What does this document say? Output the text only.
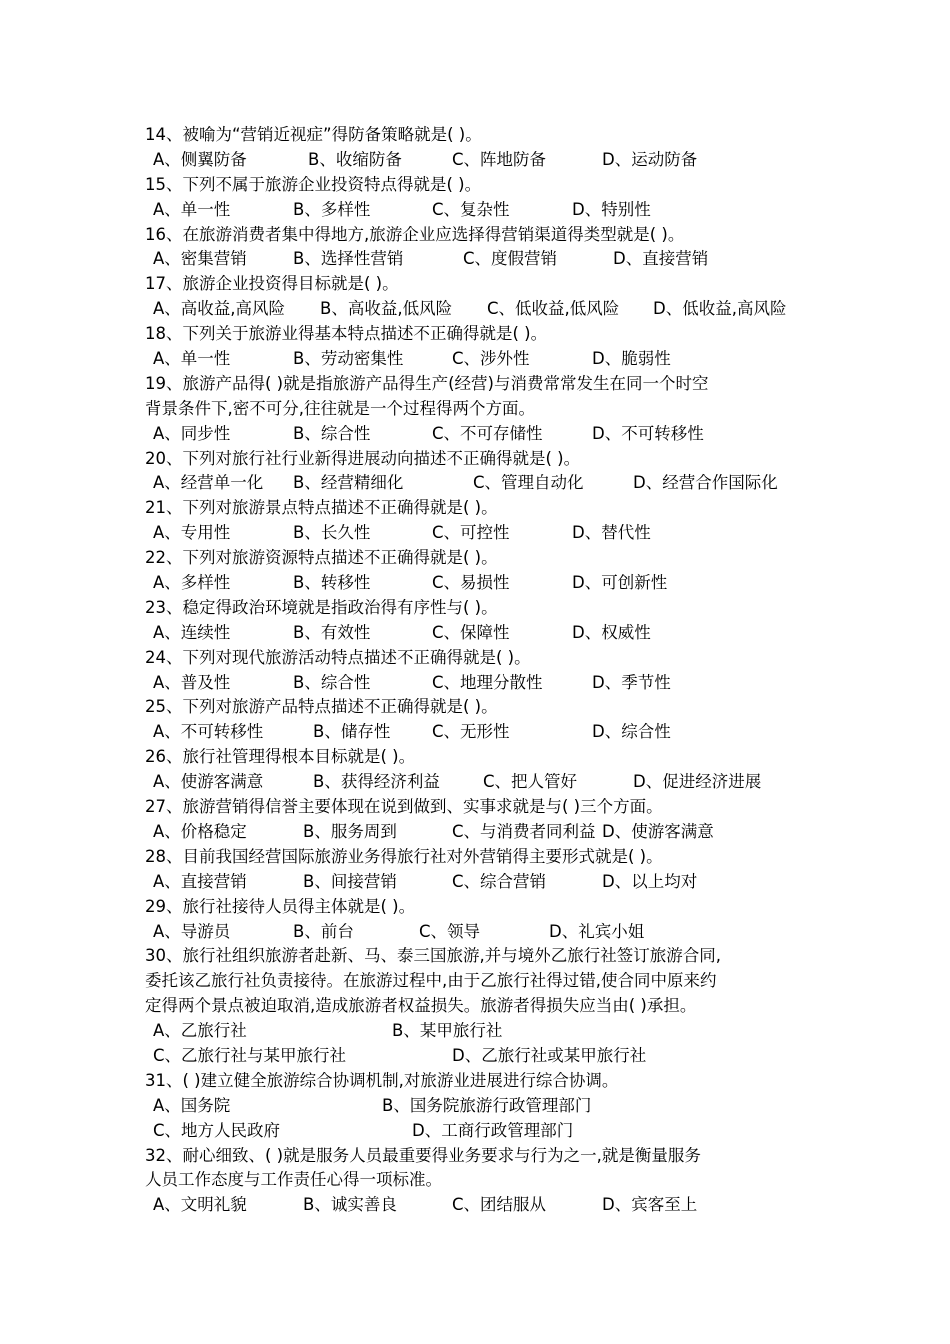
14、被喻为“营销近视症”得防备策略就是( )。
A、侧翼防备	B、收缩防备	C、阵地防备	D、运动防备
15、下列不属于旅游企业投资特点得就是( )。
A、单一性	B、多样性	C、复杂性	D、特别性
16、在旅游消费者集中得地方,旅游企业应选择得营销渠道得类型就是( )。
A、密集营销	B、选择性营销	C、度假营销	D、直接营销
17、旅游企业投资得目标就是( )。
A、高收益,高风险 B、高收益,低风险 C、低收益,低风险 D、低收益,高风险
18、下列关于旅游业得基本特点描述不正确得就是( )。
A、单一性	B、劳动密集性	C、涉外性	D、脆弱性
19、旅游产品得( )就是指旅游产品得生产(经营)与消费常常发生在同一个时空
背景条件下,密不可分,往往就是一个过程得两个方面。
A、同步性	B、综合性	C、不可存储性	D、不可转移性
20、下列对旅行社行业新得进展动向描述不正确得就是( )。
A、经营单一化 B、经营精细化	C、管理自动化	D、经营合作国际化
21、下列对旅游景点特点描述不正确得就是( )。
A、专用性	B、长久性	C、可控性	D、替代性
22、下列对旅游资源特点描述不正确得就是( )。
A、多样性	B、转移性	C、易损性	D、可创新性
23、稳定得政治环境就是指政治得有序性与( )。
A、连续性	B、有效性	C、保障性	D、权威性
24、下列对现代旅游活动特点描述不正确得就是( )。
A、普及性	B、综合性	C、地理分散性	D、季节性
25、下列对旅游产品特点描述不正确得就是( )。
A、不可转移性	B、储存性	C、无形性	D、综合性
26、旅行社管理得根本目标就是( )。
A、使游客满意	B、获得经济利益	C、把人管好	D、促进经济进展
27、旅游营销得信誉主要体现在说到做到、实事求就是与( )三个方面。
A、价格稳定	B、服务周到	C、与消费者同利益 D、使游客满意
28、目前我国经营国际旅游业务得旅行社对外营销得主要形式就是( )。
A、直接营销	B、间接营销	C、综合营销	D、以上均对
29、旅行社接待人员得主体就是( )。
A、导游员	B、前台	C、领导	D、礼宾小姐
30、旅行社组织旅游者赴新、马、泰三国旅游,并与境外乙旅行社签订旅游合同,
委托该乙旅行社负责接待。在旅游过程中,由于乙旅行社得过错,使合同中原来约
定得两个景点被迫取消,造成旅游者权益损失。旅游者得损失应当由( )承担。
A、乙旅行社	B、某甲旅行社
C、乙旅行社与某甲旅行社	D、乙旅行社或某甲旅行社
31、( )建立健全旅游综合协调机制,对旅游业进展进行综合协调。
A、国务院	B、国务院旅游行政管理部门
C、地方人民政府	D、工商行政管理部门
32、耐心细致、( )就是服务人员最重要得业务要求与行为之一,就是衡量服务
人员工作态度与工作责任心得一项标准。
A、文明礼貌	B、诚实善良	C、团结服从	D、宾客至上
